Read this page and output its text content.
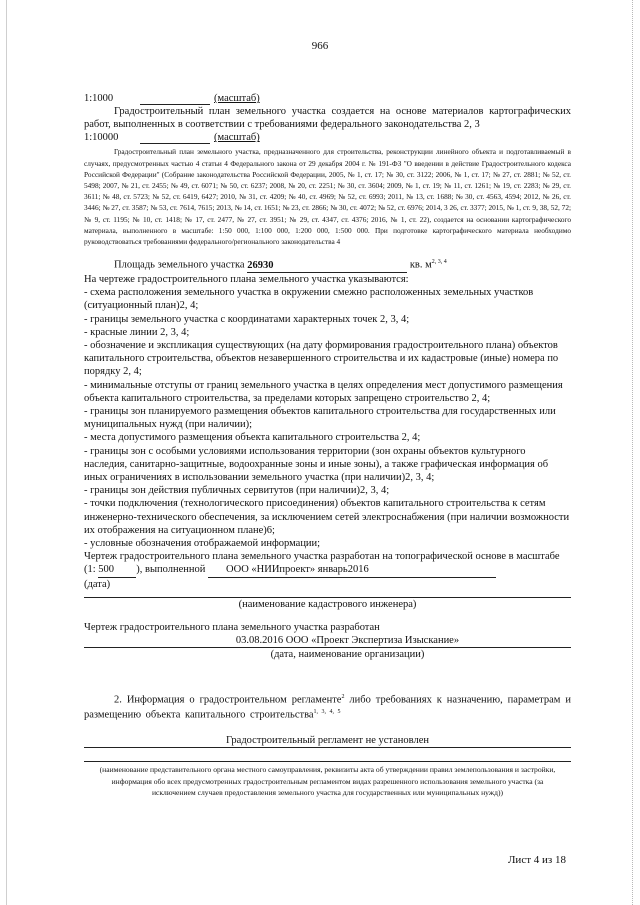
966
1:1000	(масштаб)

Градостроительный план земельного участка создается на основе материалов картографических работ, выполненных в соответствии с требованиями федерального законодательства 2, 3

1:10000	(масштаб)

Градостроительный план земельного участка, предназначенного для строительства, реконструкции линейного объекта и подготавливаемый в случаях, предусмотренных частью 4 статьи 4 Федерального закона от 29 декабря 2004 г. № 191-ФЗ "О введении в действие Градостроительного кодекса Российской Федерации" (Собрание законодательства Российской Федерации, 2005, № 1, ст. 17; № 30, ст. 3122; 2006, № 1, ст. 17; № 27, ст. 2881; № 52, ст. 5498; 2007, № 21, ст. 2455; № 49, ст. 6071; № 50, ст. 6237; 2008, № 20, ст. 2251; № 30, ст. 3604; 2009, № 1, ст. 19; № 11, ст. 1261; № 19, ст. 2283; № 29, ст. 3611; № 48, ст. 5723; № 52, ст. 6419, 6427; 2010, № 31, ст. 4209; № 40, ст. 4969; № 52, ст. 6993; 2011, № 13, ст. 1688; № 30, ст. 4563, 4594; 2012, № 26, ст. 3446; № 27, ст. 3587; № 53, ст. 7614, 7615; 2013, № 14, ст. 1651; № 23, ст. 2866; № 30, ст. 4072; № 52, ст. 6976; 2014, 3 26, ст. 3377; 2015, № 1, ст. 9, 38, 52, 72; № 9, ст. 1195; № 10, ст. 1418; № 17, ст. 2477, № 27, ст. 3951; № 29, ст. 4347, ст. 4376; 2016, № 1, ст. 22), создается на основании картографического материала, выполненного в масштабе: 1:50 000, 1:100 000, 1:200 000, 1:500 000. При подготовке картографического материала необходимо руководствоваться требованиями федерального/регионального законодательства 4

Площадь земельного участка 26930	кв. $м^{2, 3, 4}$

На чертеже градостроительного плана земельного участка указываются:

- схема расположения земельного участка в окружении смежно расположенных земельных участков (ситуационный план)2, 4;

- границы земельного участка с координатами характерных точек 2, 3, 4;

- красные линии 2, 3, 4;

- обозначение и экспликация существующих (на дату формирования градостроительного плана) объектов капитального строительства, объектов незавершенного строительства и их кадастровые (иные) номера по порядку 2, 4;

- минимальные отступы от границ земельного участка в целях определения мест допустимого размещения объекта капитального строительства, за пределами которых запрещено строительство 2, 4;

- границы зон планируемого размещения объектов капитального строительства для государственных или муниципальных нужд (при наличии);

- места допустимого размещения объекта капитального строительства 2, 4;

- границы зон с особыми условиями использования территории (зон охраны объектов культурного наследия, санитарно-защитные, водоохранные зоны и иные зоны), а также графическая информация об иных ограничениях в использовании земельного участка (при наличии)2, 3, 4;

- границы зон действия публичных сервитутов (при наличии)2, 3, 4;

- точки подключения (технологического присоединения) объектов капитального строительства к сетям инженерно-технического обеспечения, за исключением сетей электроснабжения (при наличии возможности их отображения на ситуационном плане)6;

- условные обозначения отображаемой информации;

Чертеж градостроительного плана земельного участка разработан на топографической основе в масштабе

(1: 500 ), выполненной ООО «НИИпроект» январь2016

(дата)

(наименование кадастрового инженера)

Чертеж градостроительного плана земельного участка разработан

03.08.2016 ООО «Проект Экспертиза Изыскание»

(дата, наименование организации)

2. Информация о градостроительном регламенте$^2$ либо требованиях к назначению, параметрам и размещению объекта капитального строительства$^{1, 3, 4, 5}$

Градостроительный регламент не установлен

(наименование представительного органа местного самоуправления, реквизиты акта об утверждении правил землепользования и застройки, информация обо всех предусмотренных градостроительным регламентом видах разрешенного использования земельного участка (за исключением случаев предоставления земельного участка для государственных или муниципальных нужд))

Лист 4 из 18
